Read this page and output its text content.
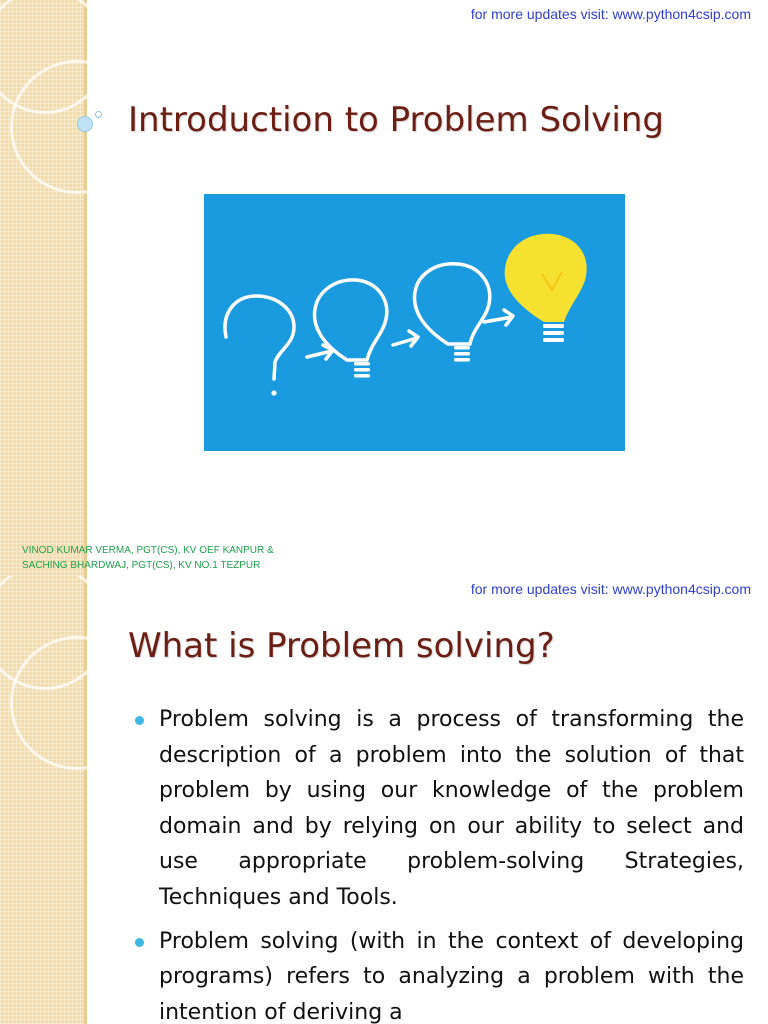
for more updates visit: www.python4csip.com
Introduction to Problem Solving
VINOD KUMAR VERMA, PGT(CS), KV OEF KANPUR &
SACHING BHARDWAJ, PGT(CS), KV NO.1 TEZPUR
for more updates visit: www.python4csip.com
What is Problem solving?
Problem solving is a process of transforming the description of a problem into the solution of that problem by using our knowledge of the problem domain and by relying on our ability to select and use appropriate problem-solving Strategies, Techniques and Tools.
Problem solving (with in the context of developing programs) refers to analyzing a problem with the intention of deriving a
